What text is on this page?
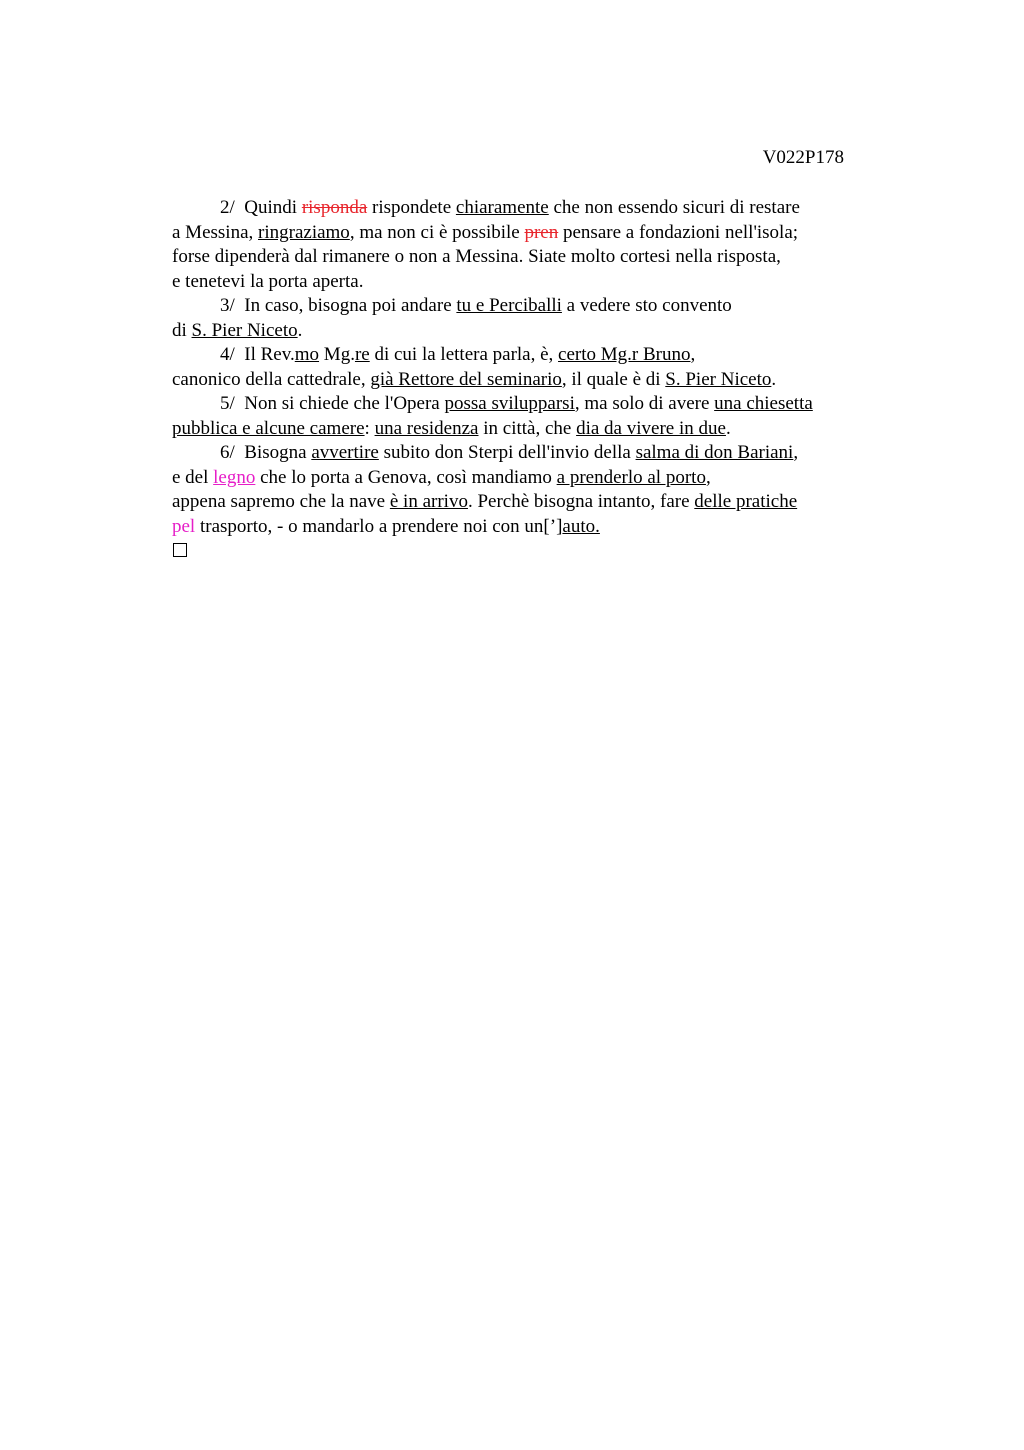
V022P178
2/ Quindi risponda rispondete chiaramente che non essendo sicuri di restare
a Messina, ringraziamo, ma non ci è possibile pren pensare a fondazioni nell'isola;
forse dipenderà dal rimanere o non a Messina. Siate molto cortesi nella risposta,
e tenetevi la porta aperta.
3/ In caso, bisogna poi andare tu e Perciballi a vedere sto convento
di S. Pier Niceto.
4/ Il Rev.mo Mg.re di cui la lettera parla, è, certo Mg.r Bruno,
canonico della cattedrale, già Rettore del seminario, il quale è di S. Pier Niceto.
5/ Non si chiede che l'Opera possa svilupparsi, ma solo di avere una chiesetta
pubblica e alcune camere: una residenza in città, che dia da vivere in due.
6/ Bisogna avvertire subito don Sterpi dell'invio della salma di don Bariani,
e del legno che lo porta a Genova, così mandiamo a prenderlo al porto,
appena sapremo che la nave è in arrivo. Perchè bisogna intanto, fare delle pratiche
pel trasporto, - o mandarlo a prendere noi con un[’]auto.
